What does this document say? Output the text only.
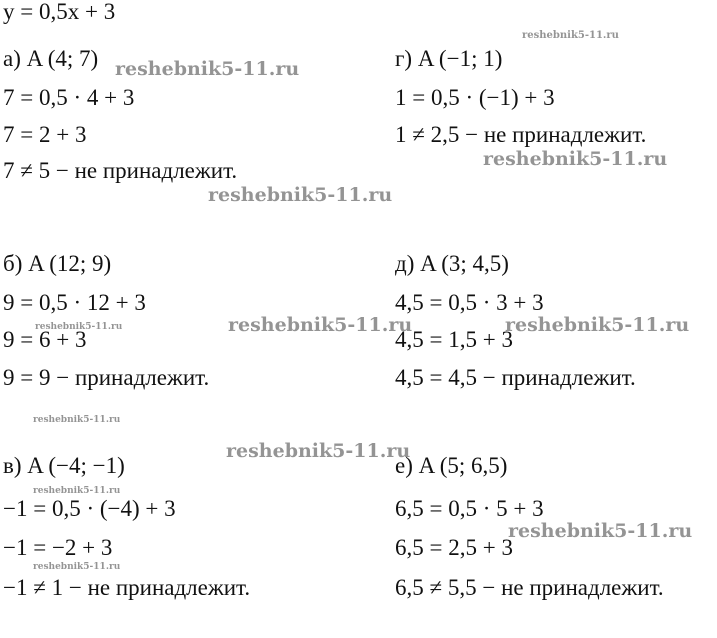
y = 0,5x + 3
а) A (4; 7)
7 = 0,5 · 4 + 3
7 = 2 + 3
7 ≠ 5 − не принадлежит.
г) A (−1; 1)
1 = 0,5 · (−1) + 3
1 ≠ 2,5 − не принадлежит.
б) A (12; 9)
9 = 0,5 · 12 + 3
9 = 6 + 3
9 = 9 − принадлежит.
д) A (3; 4,5)
4,5 = 0,5 · 3 + 3
4,5 = 1,5 + 3
4,5 = 4,5 − принадлежит.
в) A (−4; −1)
−1 = 0,5 · (−4) + 3
−1 = −2 + 3
−1 ≠ 1 − не принадлежит.
е) A (5; 6,5)
6,5 = 0,5 · 5 + 3
6,5 = 2,5 + 3
6,5 ≠ 5,5 − не принадлежит.
reshebnik5-11.ru
reshebnik5-11.ru
reshebnik5-11.ru
reshebnik5-11.ru
reshebnik5-11.ru	reshebnik5-11.ru	reshebnik5-11.ru
reshebnik5-11.ru
reshebnik5-11.ru
reshebnik5-11.ru
reshebnik5-11.ru
reshebnik5-11.ru
